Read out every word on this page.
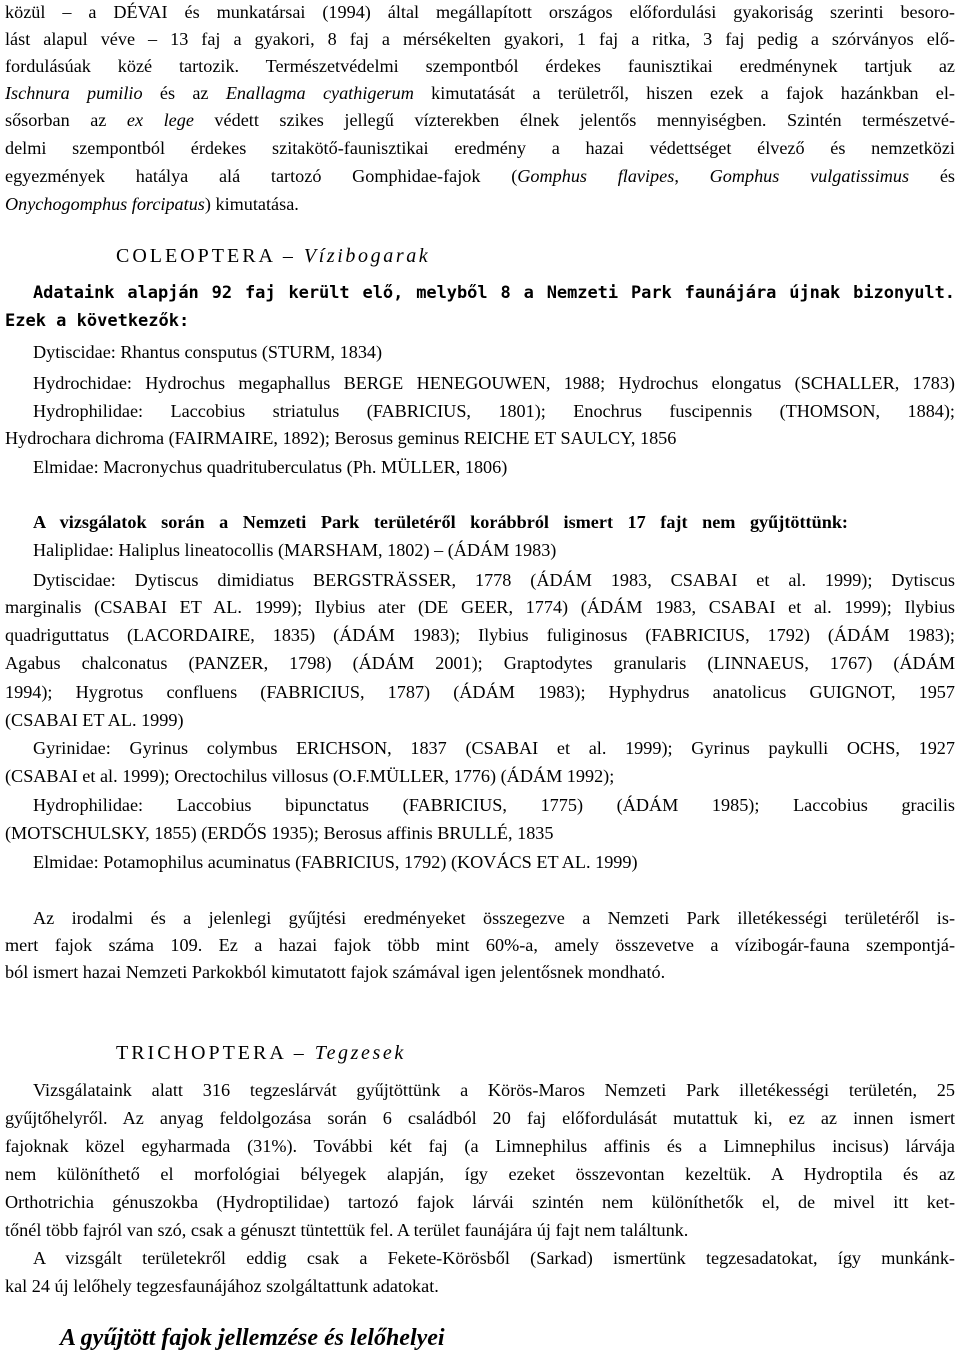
közül – a DÉVAI és munkatársai (1994) által megállapított országos előfordulási gyakoriság szerinti besoro-
lást alapul véve – 13 faj a gyakori, 8 faj a mérsékelten gyakori, 1 faj a ritka, 3 faj pedig a szórványos elő-
fordulásúak közé tartozik. Természetvédelmi szempontból érdekes faunisztikai eredménynek tartjuk az
Ischnura pumilio és az Enallagma cyathigerum kimutatását a területről, hiszen ezek a fajok hazánkban el-
sősorban az ex lege védett szikes jellegű vízterekben élnek jelentős mennyiségben. Szintén természetvé-
delmi szempontból érdekes szitakötő-faunisztikai eredmény a hazai védettséget élvező és nemzetközi
egyezmények hatálya alá tartozó Gomphidae-fajok (Gomphus flavipes, Gomphus vulgatissimus és
Onychogomphus forcipatus) kimutatása.
COLEOPTERA – Vízibogarak
Adataink alapján 92 faj került elő, melyből 8 a Nemzeti Park faunájára újnak bizonyult.
Ezek a következők:
Dytiscidae: Rhantus consputus (STURM, 1834)
Hydrochidae: Hydrochus megaphallus BERGE HENEGOUWEN, 1988; Hydrochus elongatus (SCHALLER, 1783)
Hydrophilidae: Laccobius striatulus (FABRICIUS, 1801); Enochrus fuscipennis (THOMSON, 1884);
Hydrochara dichroma (FAIRMAIRE, 1892); Berosus geminus REICHE ET SAULCY, 1856
Elmidae: Macronychus quadrituberculatus (Ph. MÜLLER, 1806)
A vizsgálatok során a Nemzeti Park területéről korábbról ismert 17 fajt nem gyűjtöttünk:
Haliplidae: Haliplus lineatocollis (MARSHAM, 1802) – (ÁDÁM 1983)
Dytiscidae: Dytiscus dimidiatus BERGSTRÄSSER, 1778 (ÁDÁM 1983, CSABAI et al. 1999); Dytiscus
marginalis (CSABAI ET AL. 1999); Ilybius ater (DE GEER, 1774) (ÁDÁM 1983, CSABAI et al. 1999); Ilybius
quadriguttatus (LACORDAIRE, 1835) (ÁDÁM 1983); Ilybius fuliginosus (FABRICIUS, 1792) (ÁDÁM 1983);
Agabus chalconatus (PANZER, 1798) (ÁDÁM 2001); Graptodytes granularis (LINNAEUS, 1767) (ÁDÁM
1994); Hygrotus confluens (FABRICIUS, 1787) (ÁDÁM 1983); Hyphydrus anatolicus GUIGNOT, 1957
(CSABAI ET AL. 1999)
Gyrinidae: Gyrinus colymbus ERICHSON, 1837 (CSABAI et al. 1999); Gyrinus paykulli OCHS, 1927
(CSABAI et al. 1999); Orectochilus villosus (O.F.MÜLLER, 1776) (ÁDÁM 1992);
Hydrophilidae: Laccobius bipunctatus (FABRICIUS, 1775) (ÁDÁM 1985); Laccobius gracilis
(MOTSCHULSKY, 1855) (ERDŐS 1935); Berosus affinis BRULLÉ, 1835
Elmidae: Potamophilus acuminatus (FABRICIUS, 1792) (KOVÁCS ET AL. 1999)
Az irodalmi és a jelenlegi gyűjtési eredményeket összegezve a Nemzeti Park illetékességi területéről is-
mert fajok száma 109. Ez a hazai fajok több mint 60%-a, amely összevetve a vízibogár-fauna szempontjá-
ból ismert hazai Nemzeti Parkokból kimutatott fajok számával igen jelentősnek mondható.
TRICHOPTERA – Tegzesek
Vizsgálataink alatt 316 tegzeslárvát gyűjtöttünk a Körös-Maros Nemzeti Park illetékességi területén, 25
gyűjtőhelyről. Az anyag feldolgozása során 6 családból 20 faj előfordulását mutattuk ki, ez az innen ismert
fajoknak közel egyharmada (31%). További két faj (a Limnephilus affinis és a Limnephilus incisus) lárvája
nem különíthető el morfológiai bélyegek alapján, így ezeket összevontan kezeltük. A Hydroptila és az
Orthotrichia génuszokba (Hydroptilidae) tartozó fajok lárvái szintén nem különíthetők el, de mivel itt ket-
tőnél több fajról van szó, csak a génuszt tüntettük fel. A terület faunájára új fajt nem találtunk.
A vizsgált területekről eddig csak a Fekete-Körösből (Sarkad) ismertünk tegzesadatokat, így munkánk-
kal 24 új lelőhely tegzesfaunájához szolgáltattunk adatokat.
A gyűjtött fajok jellemzése és lelőhelyei
